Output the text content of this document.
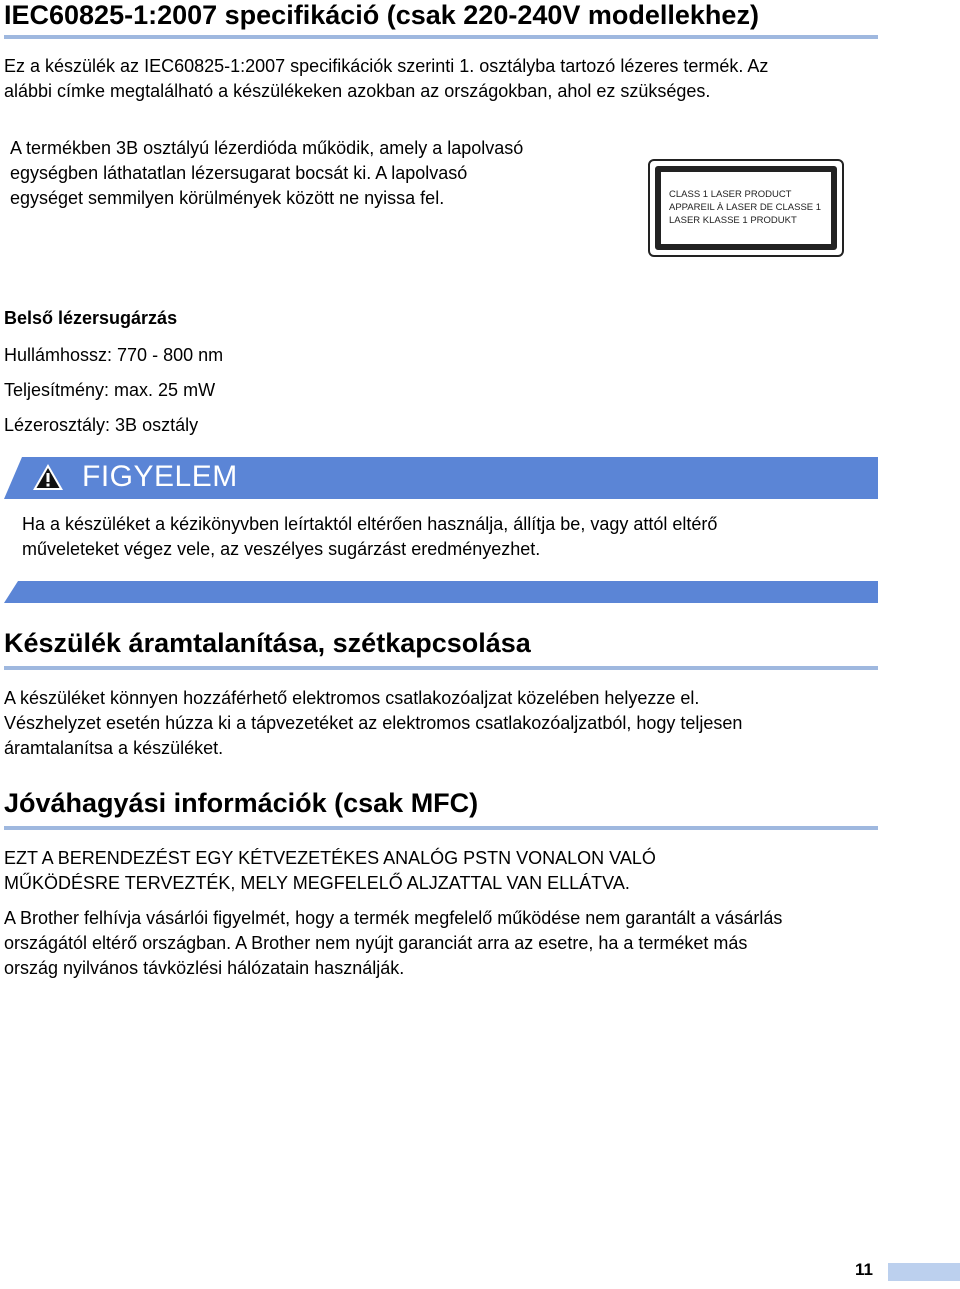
IEC60825-1:2007 specifikáció (csak 220-240V modellekhez)
Ez a készülék az IEC60825-1:2007 specifikációk szerinti 1. osztályba tartozó lézeres termék. Az
alábbi címke megtalálható a készülékeken azokban az országokban, ahol ez szükséges.
A termékben 3B osztályú lézerdióda működik, amely a lapolvasó
egységben láthatatlan lézersugarat bocsát ki. A lapolvasó
egységet semmilyen körülmények között ne nyissa fel.	CLASS 1 LASER PRODUCT
APPAREIL À LASER DE CLASSE 1
LASER KLASSE 1 PRODUKT
Belső lézersugárzás
Hullámhossz: 770 - 800 nm
Teljesítmény: max. 25 mW
Lézerosztály: 3B osztály
FIGYELEM
Ha a készüléket a kézikönyvben leírtaktól eltérően használja, állítja be, vagy attól eltérő
műveleteket végez vele, az veszélyes sugárzást eredményezhet.
Készülék áramtalanítása, szétkapcsolása
A készüléket könnyen hozzáférhető elektromos csatlakozóaljzat közelében helyezze el.
Vészhelyzet esetén húzza ki a tápvezetéket az elektromos csatlakozóaljzatból, hogy teljesen
áramtalanítsa a készüléket.
Jóváhagyási információk (csak MFC)
EZT A BERENDEZÉST EGY KÉTVEZETÉKES ANALÓG PSTN VONALON VALÓ
MŰKÖDÉSRE TERVEZTÉK, MELY MEGFELELŐ ALJZATTAL VAN ELLÁTVA.
A Brother felhívja vásárlói figyelmét, hogy a termék megfelelő működése nem garantált a vásárlás
országától eltérő országban. A Brother nem nyújt garanciát arra az esetre, ha a terméket más
ország nyilvános távközlési hálózatain használják.
11
